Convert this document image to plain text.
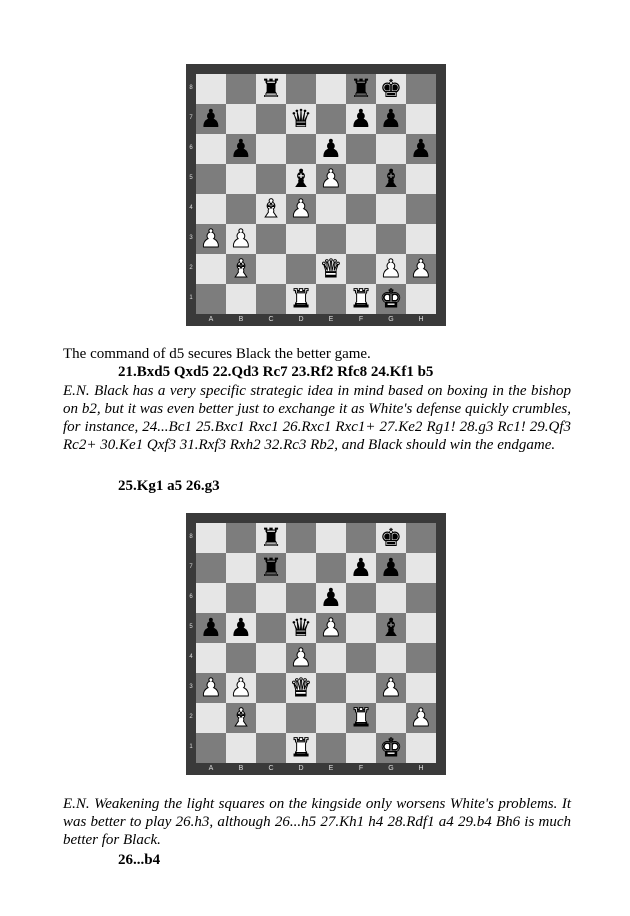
♜	♜ ♚
♟	♛ ♟ ♟
♟	♟	♟
♝ ♟ ♝
♝ ♟
♟ ♟
♝	♛ ♟ ♟
♜ ♜ ♚
8
7
6
5
4
3
2
1
A	B	C	D	E	F	G	H

The command of d5 secures Black the better game.

21.Bxd5 Qxd5 22.Qd3 Rc7 23.Rf2 Rfc8 24.Kf1 b5

E.N. Black has a very specific strategic idea in mind based on boxing in the bishop on b2, but it was even better just to exchange it as White's defense quickly crumbles, for instance, 24...Bc1 25.Bxc1 Rxc1 26.Rxc1 Rxc1+ 27.Ke2 Rg1! 28.g3 Rc1! 29.Qf3 Rc2+ 30.Ke1 Qxf3 31.Rxf3 Rxh2 32.Rc3 Rb2, and Black should win the endgame.

25.Kg1 a5 26.g3

♜	♚
♜	♟ ♟
♟
♟ ♟ ♛ ♟ ♝
♟
♟ ♟ ♛	♟
♝	♜ ♟
♜	♚
8
7
6
5
4
3
2
1
A	B	C	D	E	F	G	H

E.N. Weakening the light squares on the kingside only worsens White's problems. It was better to play 26.h3, although 26...h5 27.Kh1 h4 28.Rdf1 a4 29.b4 Bh6 is much better for Black.

26...b4
